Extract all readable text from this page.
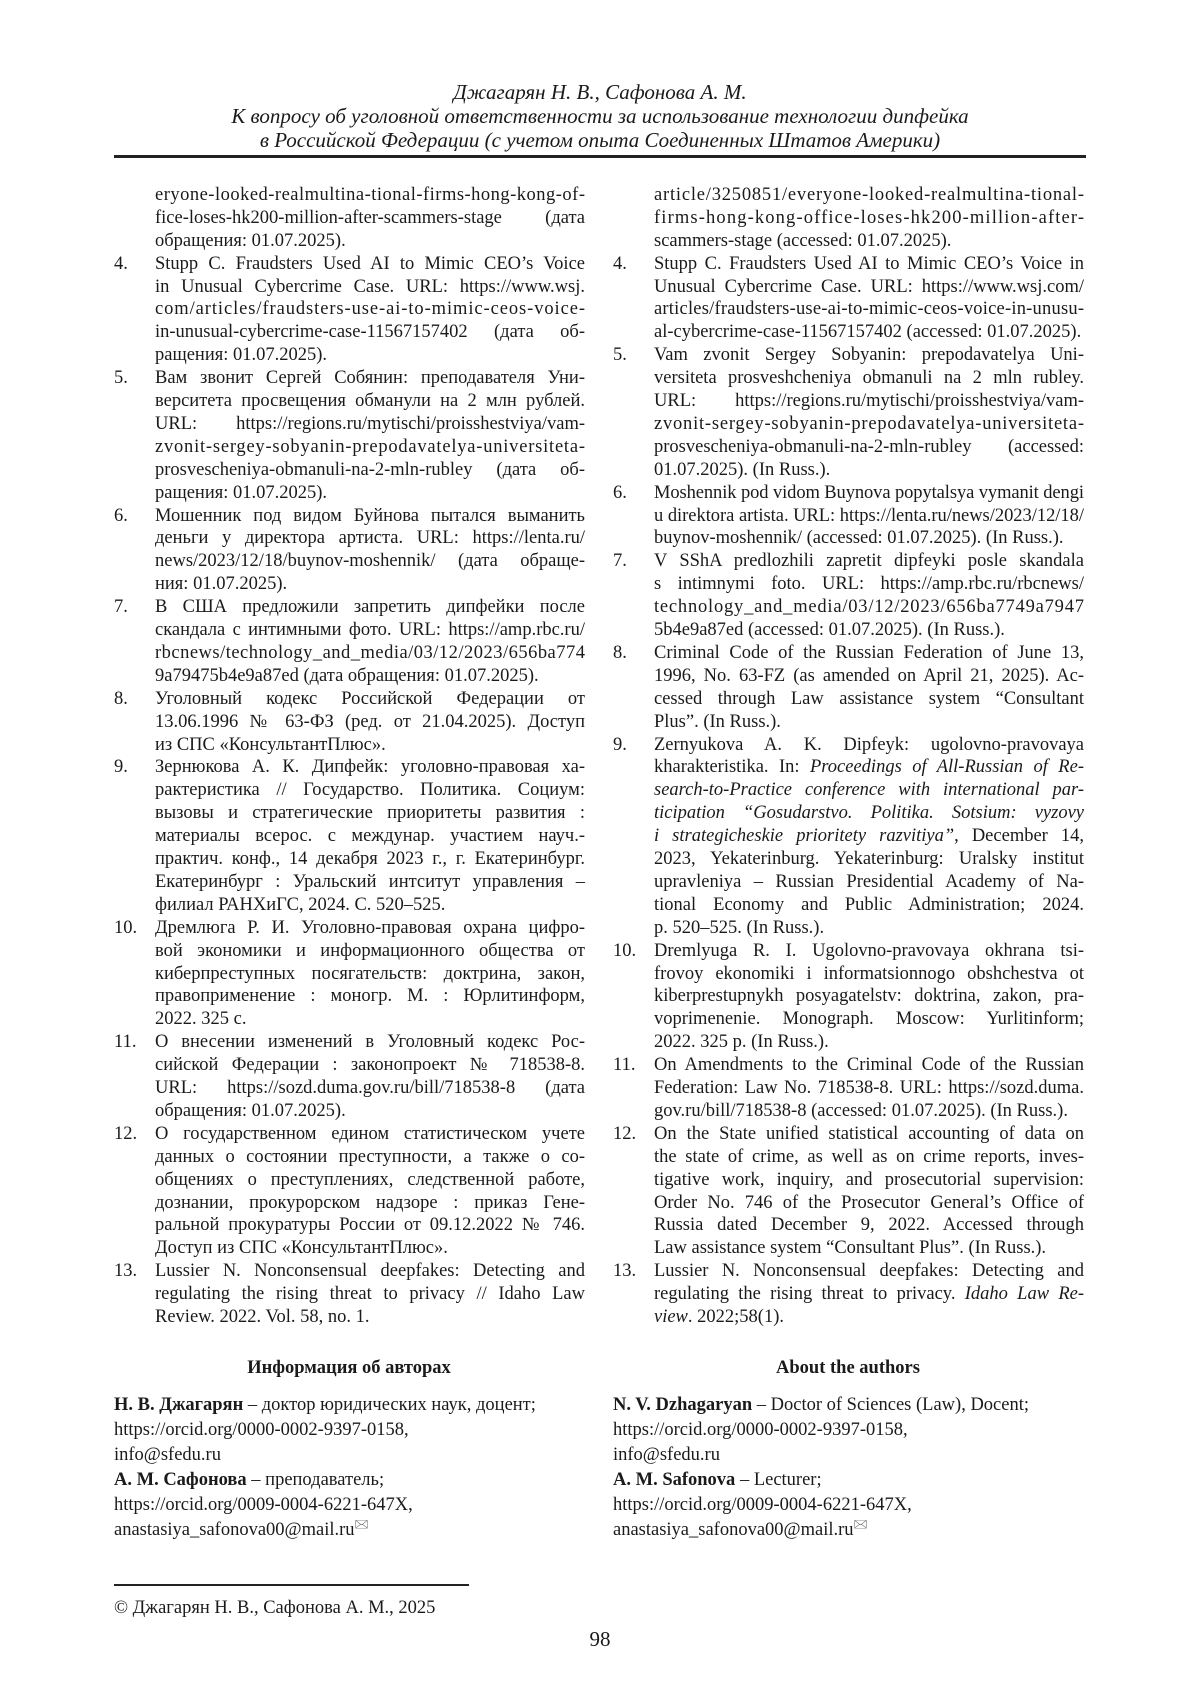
Джагарян Н. В., Сафонова А. М.
К вопросу об уголовной ответственности за использование технологии дипфейка
в Российской Федерации (с учетом опыта Соединенных Штатов Америки)
eryone-looked-realmultina-tional-firms-hong-kong-of-
fice-loses-hk200-million-after-scammers-stage (дата
обращения: 01.07.2025).
4. Stupp C. Fraudsters Used AI to Mimic CEO’s Voice
in Unusual Cybercrime Case. URL: https://www.wsj.
com/articles/fraudsters-use-ai-to-mimic-ceos-voice-
in-unusual-cybercrime-case-11567157402 (дата об-
ращения: 01.07.2025).
5. Вам звонит Сергей Собянин: преподавателя Уни-
верситета просвещения обманули на 2 млн рублей.
URL: https://regions.ru/mytischi/proisshestviya/vam-
zvonit-sergey-sobyanin-prepodavatelya-universiteta-
prosvescheniya-obmanuli-na-2-mln-rubley (дата об-
ращения: 01.07.2025).
6. Мошенник под видом Буйнова пытался выманить
деньги у директора артиста. URL: https://lenta.ru/
news/2023/12/18/buynov-moshennik/ (дата обраще-
ния: 01.07.2025).
7. В США предложили запретить дипфейки после
скандала с интимными фото. URL: https://amp.rbc.ru/
rbcnews/technology_and_media/03/12/2023/656ba774
9a79475b4e9a87ed (дата обращения: 01.07.2025).
8. Уголовный кодекс Российской Федерации от
13.06.1996 № 63-ФЗ (ред. от 21.04.2025). Доступ
из СПС «КонсультантПлюс».
9. Зернюкова А. К. Дипфейк: уголовно-правовая ха-
рактеристика // Государство. Политика. Социум:
вызовы и стратегические приоритеты развития :
материалы всерос. с междунар. участием науч.-
практич. конф., 14 декабря 2023 г., г. Екатеринбург.
Екатеринбург : Уральский интситут управления –
филиал РАНХиГС, 2024. С. 520–525.
10. Дремлюга Р. И. Уголовно-правовая охрана цифро-
вой экономики и информационного общества от
киберпреступных посягательств: доктрина, закон,
правоприменение : моногр. М. : Юрлитинформ,
2022. 325 с.
11. О внесении изменений в Уголовный кодекс Рос-
сийской Федерации : законопроект № 718538-8.
URL: https://sozd.duma.gov.ru/bill/718538-8 (дата
обращения: 01.07.2025).
12. О государственном едином статистическом учете
данных о состоянии преступности, а также о со-
общениях о преступлениях, следственной работе,
дознании, прокурорском надзоре : приказ Гене-
ральной прокуратуры России от 09.12.2022 № 746.
Доступ из СПС «КонсультантПлюс».
13. Lussier N. Nonconsensual deepfakes: Detecting and
regulating the rising threat to privacy // Idaho Law
Review. 2022. Vol. 58, no. 1.
article/3250851/everyone-looked-realmultina-tional-
firms-hong-kong-office-loses-hk200-million-after-
scammers-stage (accessed: 01.07.2025).
4. Stupp C. Fraudsters Used AI to Mimic CEO’s Voice in
Unusual Cybercrime Case. URL: https://www.wsj.com/
articles/fraudsters-use-ai-to-mimic-ceos-voice-in-unusu-
al-cybercrime-case-11567157402 (accessed: 01.07.2025).
5. Vam zvonit Sergey Sobyanin: prepodavatelya Uni-
versiteta prosveshcheniya obmanuli na 2 mln rubley.
URL: https://regions.ru/mytischi/proisshestviya/vam-
zvonit-sergey-sobyanin-prepodavatelya-universiteta-
prosvescheniya-obmanuli-na-2-mln-rubley (accessed:
01.07.2025). (In Russ.).
6. Moshennik pod vidom Buynova popytalsya vymanit dengi
u direktora artista. URL: https://lenta.ru/news/2023/12/18/
buynov-moshennik/ (accessed: 01.07.2025). (In Russ.).
7. V SShA predlozhili zapretit dipfeyki posle skandala
s intimnymi foto. URL: https://amp.rbc.ru/rbcnews/
technology_and_media/03/12/2023/656ba7749a7947
5b4e9a87ed (accessed: 01.07.2025). (In Russ.).
8. Criminal Code of the Russian Federation of June 13,
1996, No. 63-FZ (as amended on April 21, 2025). Ac-
cessed through Law assistance system “Consultant
Plus”. (In Russ.).
9. Zernyukova A. K. Dipfeyk: ugolovno-pravovaya
kharakteristika. In: Proceedings of All-Russian of Re-
search-to-Practice conference with international par-
ticipation “Gosudarstvo. Politika. Sotsium: vyzovy
i strategicheskie prioritety razvitiya”, December 14,
2023, Yekaterinburg. Yekaterinburg: Uralsky institut
upravleniya – Russian Presidential Academy of Na-
tional Economy and Public Administration; 2024.
p. 520–525. (In Russ.).
10. Dremlyuga R. I. Ugolovno-pravovaya okhrana tsi-
frovoy ekonomiki i informatsionnogo obshchestva ot
kiberprestupnykh posyagatelstv: doktrina, zakon, pra-
voprimenenie. Monograph. Moscow: Yurlitinform;
2022. 325 p. (In Russ.).
11. On Amendments to the Criminal Code of the Russian
Federation: Law No. 718538-8. URL: https://sozd.duma.
gov.ru/bill/718538-8 (accessed: 01.07.2025). (In Russ.).
12. On the State unified statistical accounting of data on
the state of crime, as well as on crime reports, inves-
tigative work, inquiry, and prosecutorial supervision:
Order No. 746 of the Prosecutor General’s Office of
Russia dated December 9, 2022. Accessed through
Law assistance system “Consultant Plus”. (In Russ.).
13. Lussier N. Nonconsensual deepfakes: Detecting and
regulating the rising threat to privacy. Idaho Law Re-
view. 2022;58(1).
Информация об авторах	About the authors
Н. В. Джагарян – доктор юридических наук, доцент;
https://orcid.org/0000-0002-9397-0158,
info@sfedu.ru
А. М. Сафонова – преподаватель;
https://orcid.org/0009-0004-6221-647X,
anastasiya_safonova00@mail.ru🖂
N. V. Dzhagaryan – Doctor of Sciences (Law), Docent;
https://orcid.org/0000-0002-9397-0158,
info@sfedu.ru
A. M. Safonova – Lecturer;
https://orcid.org/0009-0004-6221-647X,
anastasiya_safonova00@mail.ru🖂
© Джагарян Н. В., Сафонова А. М., 2025
98
